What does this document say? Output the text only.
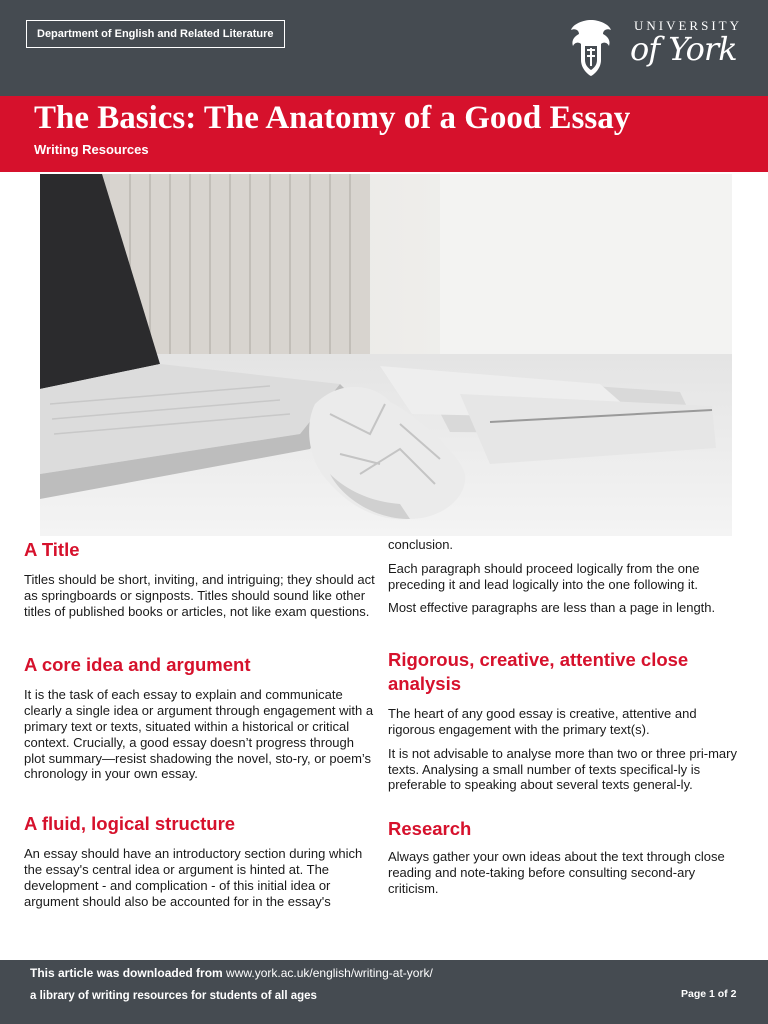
Department of English and Related Literature
UNIVERSITY
of York
The Basics: The Anatomy of a Good Essay
Writing Resources
A Title

Titles should be short, inviting, and intriguing; they should act as springboards or signposts. Titles should sound like other titles of published books or articles, not like exam questions.

A core idea and argument

It is the task of each essay to explain and communicate clearly a single idea or argument through engagement with a primary text or texts, situated within a historical or critical context. Crucially, a good essay doesn’t progress through plot summary—resist shadowing the novel, sto-ry, or poem’s chronology in your own essay.

A fluid, logical structure

An essay should have an introductory section during which the essay's central idea or argument is hinted at. The development - and complication - of this initial idea or argument should also be accounted for in the essay's

conclusion.

Each paragraph should proceed logically from the one preceding it and lead logically into the one following it.

Most effective paragraphs are less than a page in length.

Rigorous, creative, attentive close analysis

The heart of any good essay is creative, attentive and rigorous engagement with the primary text(s).

It is not advisable to analyse more than two or three pri-mary texts. Analysing a small number of texts specifical-ly is preferable to speaking about several texts general-ly.

Research

Always gather your own ideas about the text through close reading and note-taking before consulting second-ary criticism.

This article was downloaded from www.york.ac.uk/english/writing-at-york/
a library of writing resources for students of all ages	Page 1 of 2
